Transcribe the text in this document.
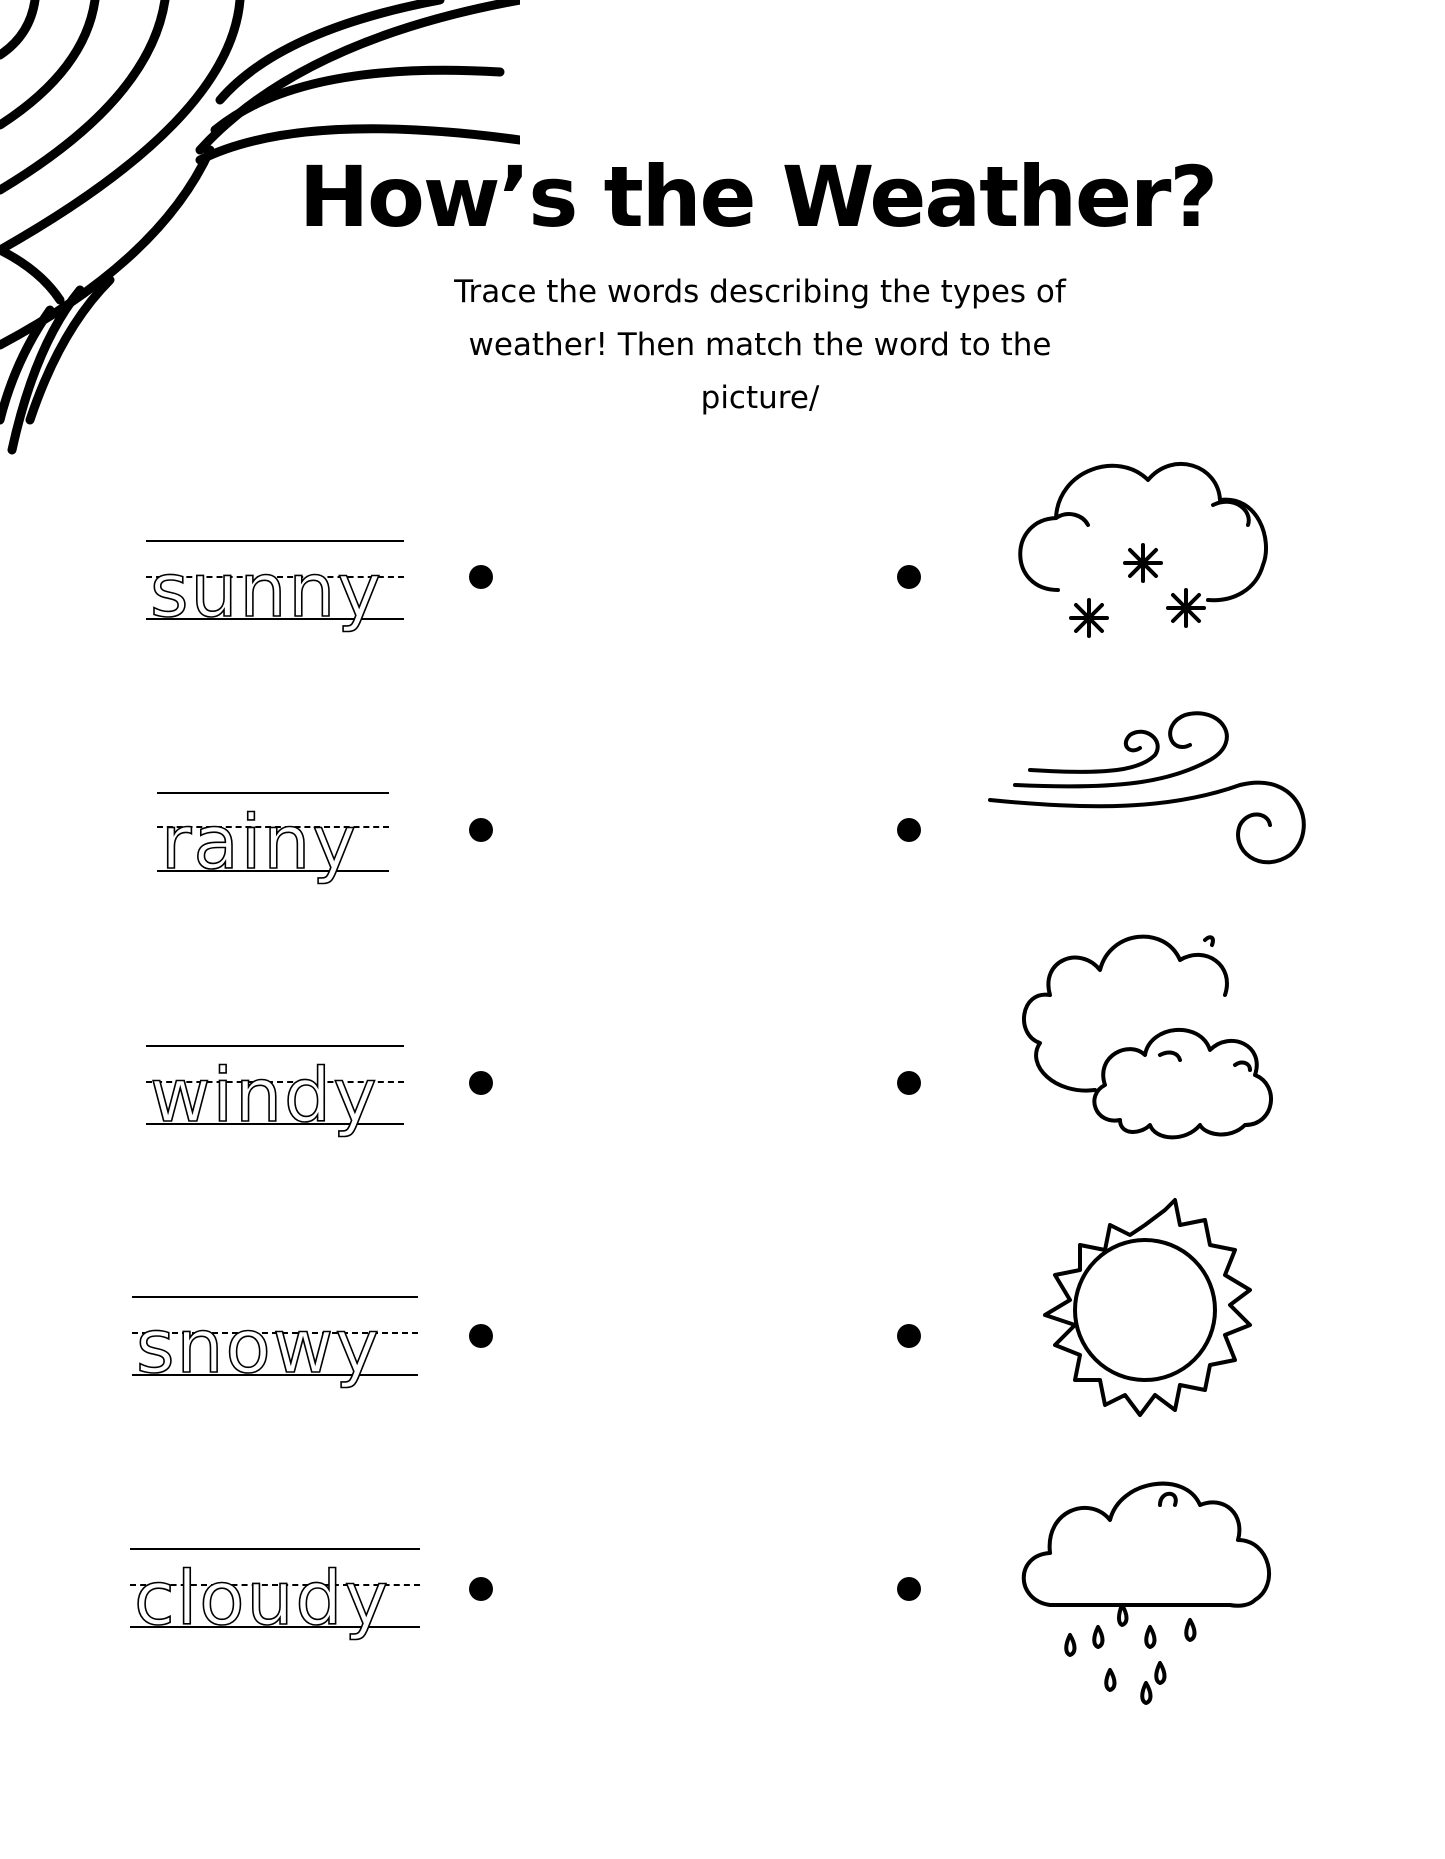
How’s the Weather?

Trace the words describing the types of weather! Then match the word to the picture/

sunny
rainy
windy
snowy
cloudy
